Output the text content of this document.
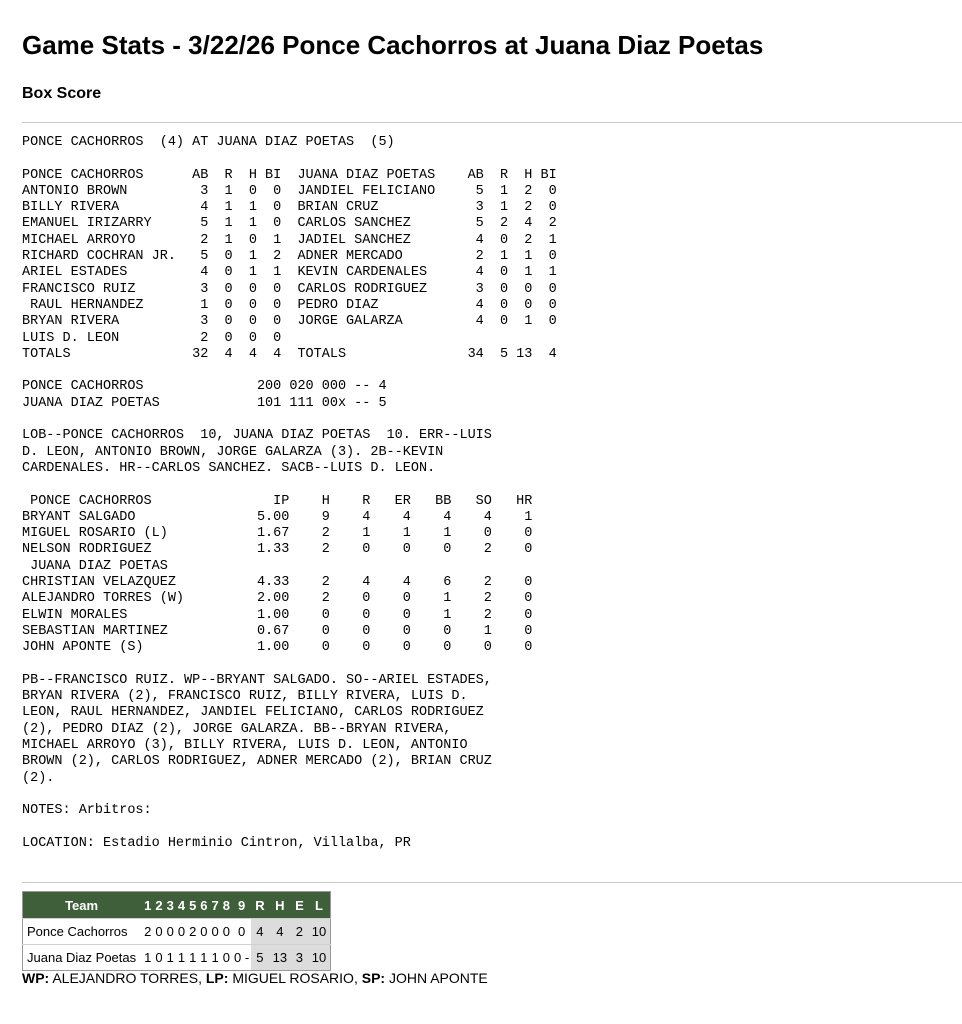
Game Stats - 3/22/26 Ponce Cachorros at Juana Diaz Poetas
Box Score
PONCE CACHORROS  (4) AT JUANA DIAZ POETAS  (5)

PONCE CACHORROS      AB  R  H BI  JUANA DIAZ POETAS    AB  R  H BI
ANTONIO BROWN         3  1  0  0  JANDIEL FELICIANO     5  1  2  0
BILLY RIVERA          4  1  1  0  BRIAN CRUZ            3  1  2  0
EMANUEL IRIZARRY      5  1  1  0  CARLOS SANCHEZ        5  2  4  2
MICHAEL ARROYO        2  1  0  1  JADIEL SANCHEZ        4  0  2  1
RICHARD COCHRAN JR.   5  0  1  2  ADNER MERCADO         2  1  1  0
ARIEL ESTADES         4  0  1  1  KEVIN CARDENALES      4  0  1  1
FRANCISCO RUIZ        3  0  0  0  CARLOS RODRIGUEZ      3  0  0  0
RAUL HERNANDEZ       1  0  0  0  PEDRO DIAZ            4  0  0  0
BRYAN RIVERA          3  0  0  0  JORGE GALARZA         4  0  1  0
LUIS D. LEON          2  0  0  0
TOTALS               32  4  4  4  TOTALS               34  5 13  4

PONCE CACHORROS              200 020 000 -- 4
JUANA DIAZ POETAS            101 111 00x -- 5

LOB--PONCE CACHORROS  10, JUANA DIAZ POETAS  10. ERR--LUIS
D. LEON, ANTONIO BROWN, JORGE GALARZA (3). 2B--KEVIN
CARDENALES. HR--CARLOS SANCHEZ. SACB--LUIS D. LEON.

PONCE CACHORROS               IP    H    R   ER   BB   SO   HR
BRYANT SALGADO               5.00    9    4    4    4    4    1
MIGUEL ROSARIO (L)           1.67    2    1    1    1    0    0
NELSON RODRIGUEZ             1.33    2    0    0    0    2    0
JUANA DIAZ POETAS
CHRISTIAN VELAZQUEZ          4.33    2    4    4    6    2    0
ALEJANDRO TORRES (W)         2.00    2    0    0    1    2    0
ELWIN MORALES                1.00    0    0    0    1    2    0
SEBASTIAN MARTINEZ           0.67    0    0    0    0    1    0
JOHN APONTE (S)              1.00    0    0    0    0    0    0

PB--FRANCISCO RUIZ. WP--BRYANT SALGADO. SO--ARIEL ESTADES,
BRYAN RIVERA (2), FRANCISCO RUIZ, BILLY RIVERA, LUIS D.
LEON, RAUL HERNANDEZ, JANDIEL FELICIANO, CARLOS RODRIGUEZ
(2), PEDRO DIAZ (2), JORGE GALARZA. BB--BRYAN RIVERA,
MICHAEL ARROYO (3), BILLY RIVERA, LUIS D. LEON, ANTONIO
BROWN (2), CARLOS RODRIGUEZ, ADNER MERCADO (2), BRIAN CRUZ
(2).

NOTES: Arbitros:

LOCATION: Estadio Herminio Cintron, Villalba, PR
Team	1	2	3	4	5	6	7	8	9	R	H	E	L
Ponce Cachorros	2	0	0	0	2	0	0	0	0	4	4	2	10
Juana Diaz Poetas	1	0	1	1	1	1	1	0	0 -	5	13	3	10
WP: ALEJANDRO TORRES, LP: MIGUEL ROSARIO, SP: JOHN APONTE
